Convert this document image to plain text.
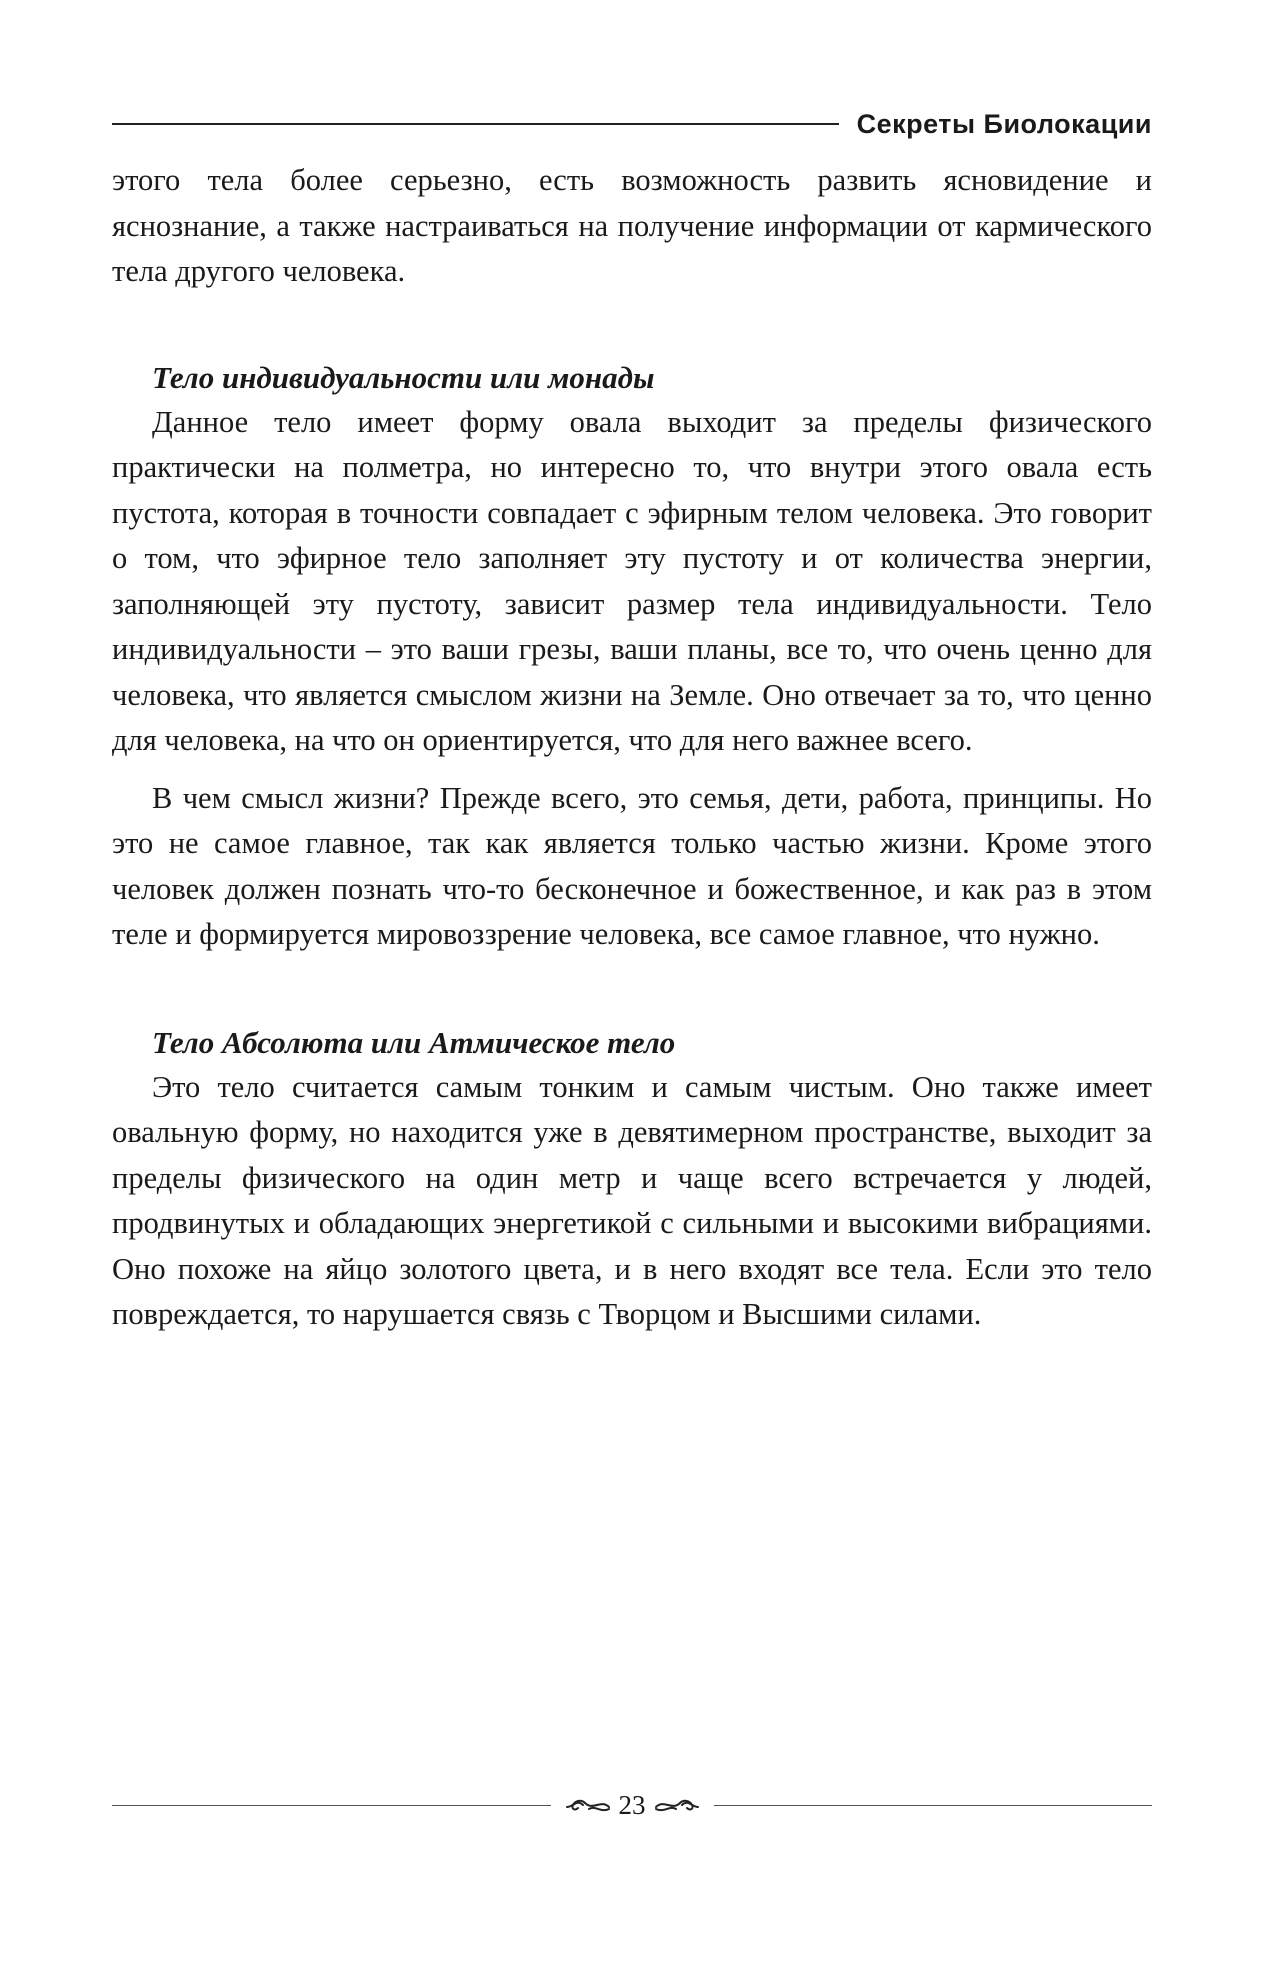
Секреты Биолокации

этого тела более серьезно, есть возможность развить ясновидение и яснознание, а также настраиваться на получение информации от кармического тела другого человека.

Тело индивидуальности или монады

Данное тело имеет форму овала выходит за пределы физического практически на полметра, но интересно то, что внутри этого овала есть пустота, которая в точности совпадает с эфирным телом человека. Это говорит о том, что эфирное тело заполняет эту пустоту и от количества энергии, заполняющей эту пустоту, зависит размер тела индивидуальности. Тело индивидуальности – это ваши грезы, ваши планы, все то, что очень ценно для человека, что является смыслом жизни на Земле. Оно отвечает за то, что ценно для человека, на что он ориентируется, что для него важнее всего.

В чем смысл жизни? Прежде всего, это семья, дети, работа, принципы. Но это не самое главное, так как является только частью жизни. Кроме этого человек должен познать что-то бесконечное и божественное, и как раз в этом теле и формируется мировоззрение человека, все самое главное, что нужно.

Тело Абсолюта или Атмическое тело

Это тело считается самым тонким и самым чистым. Оно также имеет овальную форму, но находится уже в девятимерном пространстве, выходит за пределы физического на один метр и чаще всего встречается у людей, продвинутых и обладающих энергетикой с сильными и высокими вибрациями. Оно похоже на яйцо золотого цвета, и в него входят все тела. Если это тело повреждается, то нарушается связь с Творцом и Высшими силами.

23
